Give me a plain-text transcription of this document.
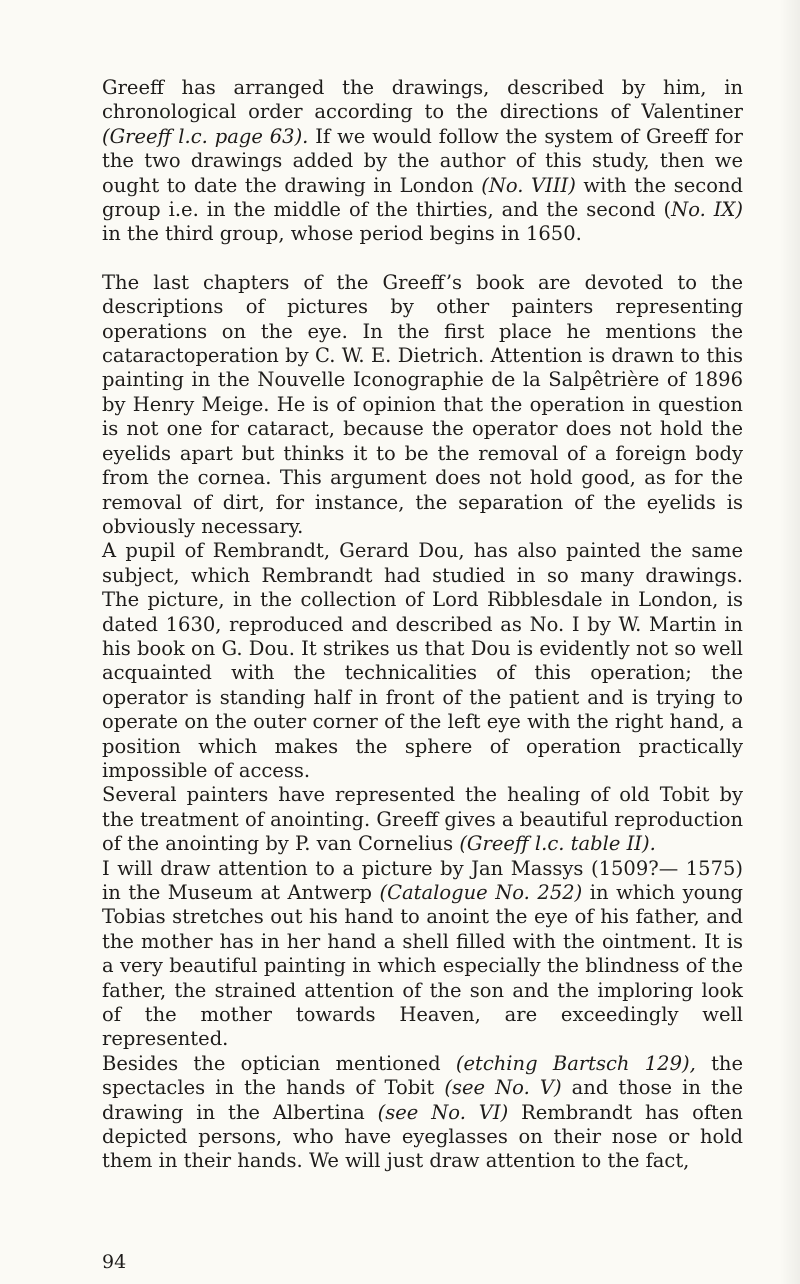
Greeff has arranged the drawings, described by him, in chronological order according to the directions of Valentiner (Greeff l.c. page 63). If we would follow the system of Greeff for the two drawings added by the author of this study, then we ought to date the drawing in London (No. VIII) with the second group i.e. in the middle of the thirties, and the second (No. IX) in the third group, whose period begins in 1650.

The last chapters of the Greeff’s book are devoted to the descriptions of pictures by other painters representing operations on the eye. In the first place he mentions the cataractoperation by C. W. E. Dietrich. Attention is drawn to this painting in the Nouvelle Iconographie de la Salpêtrière of 1896 by Henry Meige. He is of opinion that the operation in question is not one for cataract, because the operator does not hold the eyelids apart but thinks it to be the removal of a foreign body from the cornea. This argument does not hold good, as for the removal of dirt, for instance, the separation of the eyelids is obviously necessary.

A pupil of Rembrandt, Gerard Dou, has also painted the same subject, which Rembrandt had studied in so many drawings. The picture, in the collection of Lord Ribblesdale in London, is dated 1630, reproduced and described as No. I by W. Martin in his book on G. Dou. It strikes us that Dou is evidently not so well acquainted with the technicalities of this operation; the operator is standing half in front of the patient and is trying to operate on the outer corner of the left eye with the right hand, a position which makes the sphere of operation practically impossible of access.

Several painters have represented the healing of old Tobit by the treatment of anointing. Greeff gives a beautiful reproduction of the anointing by P. van Cornelius (Greeff l.c. table II).

I will draw attention to a picture by Jan Massys (1509?— 1575) in the Museum at Antwerp (Catalogue No. 252) in which young Tobias stretches out his hand to anoint the eye of his father, and the mother has in her hand a shell filled with the ointment. It is a very beautiful painting in which especially the blindness of the father, the strained attention of the son and the imploring look of the mother towards Heaven, are exceedingly well represented.

Besides the optician mentioned (etching Bartsch 129), the spectacles in the hands of Tobit (see No. V) and those in the drawing in the Albertina (see No. VI) Rembrandt has often depicted persons, who have eyeglasses on their nose or hold them in their hands. We will just draw attention to the fact,

94
